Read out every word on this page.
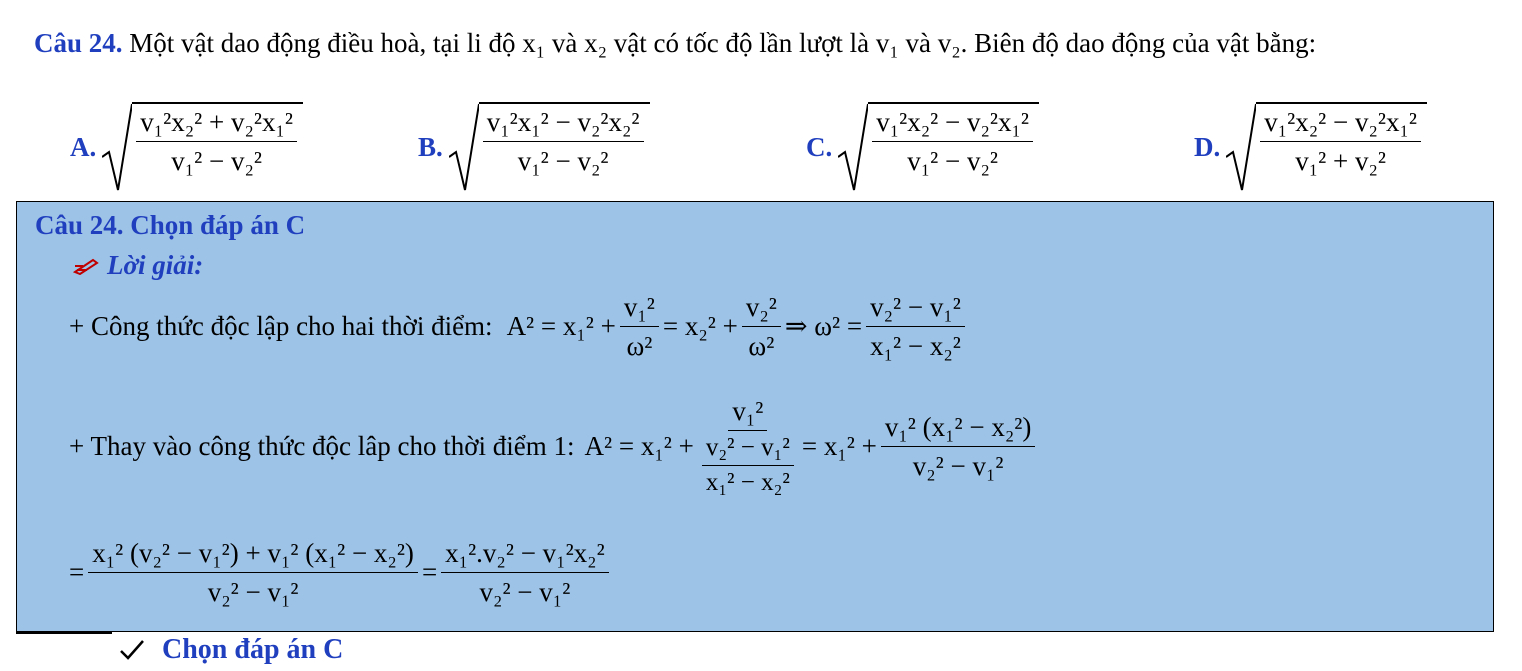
Câu 24. Một vật dao động điều hoà, tại li độ x₁ và x₂ vật có tốc độ lần lượt là v₁ và v₂. Biên độ dao động của vật bằng:
A. $\frac{\text{v₁²x₂² + v₂²x₁²}}{\text{v₁² − v₂²}}$	B. $\frac{\text{v₁²x₁² − v₂²x₂²}}{\text{v₁² − v₂²}}$	C. $\frac{\text{v₁²x₂² − v₂²x₁²}}{\text{v₁² − v₂²}}$	D. $\frac{\text{v₁²x₂² − v₂²x₁²}}{\text{v₁² + v₂²}}$
Câu 24. Chọn đáp án C
Lời giải:
+ Công thức độc lập cho hai thời điểm: $A^2 = x_1^2 + \frac{\text{v₁²}}{\text{ω²}} = x_2^2 + \frac{\text{v₂²}}{\text{ω²}}$ ⇒ $\omega^2 = \frac{\text{v₂² − v₁²}}{\text{x₁² − x₂²}}$
+ Thay vào công thức độc lâp cho thời điểm 1: $A^2 = x_1^2 + \frac{\text{v₁²}}{\frac{\text{v₂² − v₁²}}{\text{x₁² − x₂²}}} = x_1^2 + \frac{\text{v₁² (x₁² − x₂²)}}{\text{v₂² − v₁²}}$
= $\frac{\text{x₁² (v₂² − v₁²) + v₁² (x₁² − x₂²)}}{\text{v₂² − v₁²}} = \frac{\text{x₁².v₂² − v₁²x₂²}}{\text{v₂² − v₁²}}$
Chọn đáp án C
